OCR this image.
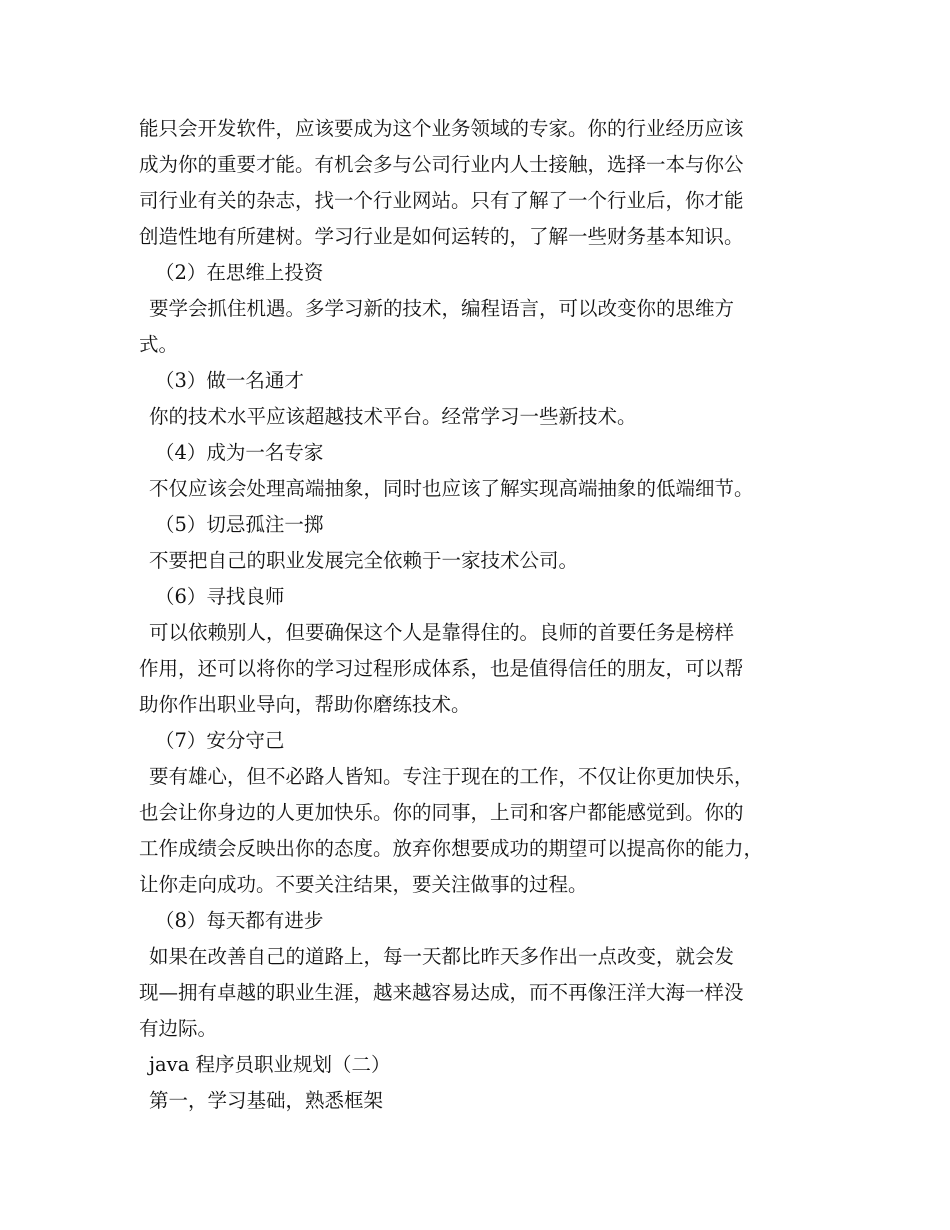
能只会开发软件，应该要成为这个业务领域的专家。你的行业经历应该
成为你的重要才能。有机会多与公司行业内人士接触，选择一本与你公
司行业有关的杂志，找一个行业网站。只有了解了一个行业后，你才能
创造性地有所建树。学习行业是如何运转的，了解一些财务基本知识。
（2）在思维上投资
要学会抓住机遇。多学习新的技术，编程语言，可以改变你的思维方
式。
（3）做一名通才
你的技术水平应该超越技术平台。经常学习一些新技术。
（4）成为一名专家
不仅应该会处理高端抽象，同时也应该了解实现高端抽象的低端细节。
（5）切忌孤注一掷
不要把自己的职业发展完全依赖于一家技术公司。
（6）寻找良师
可以依赖别人，但要确保这个人是靠得住的。良师的首要任务是榜样
作用，还可以将你的学习过程形成体系，也是值得信任的朋友，可以帮
助你作出职业导向，帮助你磨练技术。
（7）安分守己
要有雄心，但不必路人皆知。专注于现在的工作，不仅让你更加快乐，
也会让你身边的人更加快乐。你的同事，上司和客户都能感觉到。你的
工作成绩会反映出你的态度。放弃你想要成功的期望可以提高你的能力，
让你走向成功。不要关注结果，要关注做事的过程。
（8）每天都有进步
如果在改善自己的道路上，每一天都比昨天多作出一点改变，就会发
现—拥有卓越的职业生涯，越来越容易达成，而不再像汪洋大海一样没
有边际。
java 程序员职业规划（二）
第一，学习基础，熟悉框架
